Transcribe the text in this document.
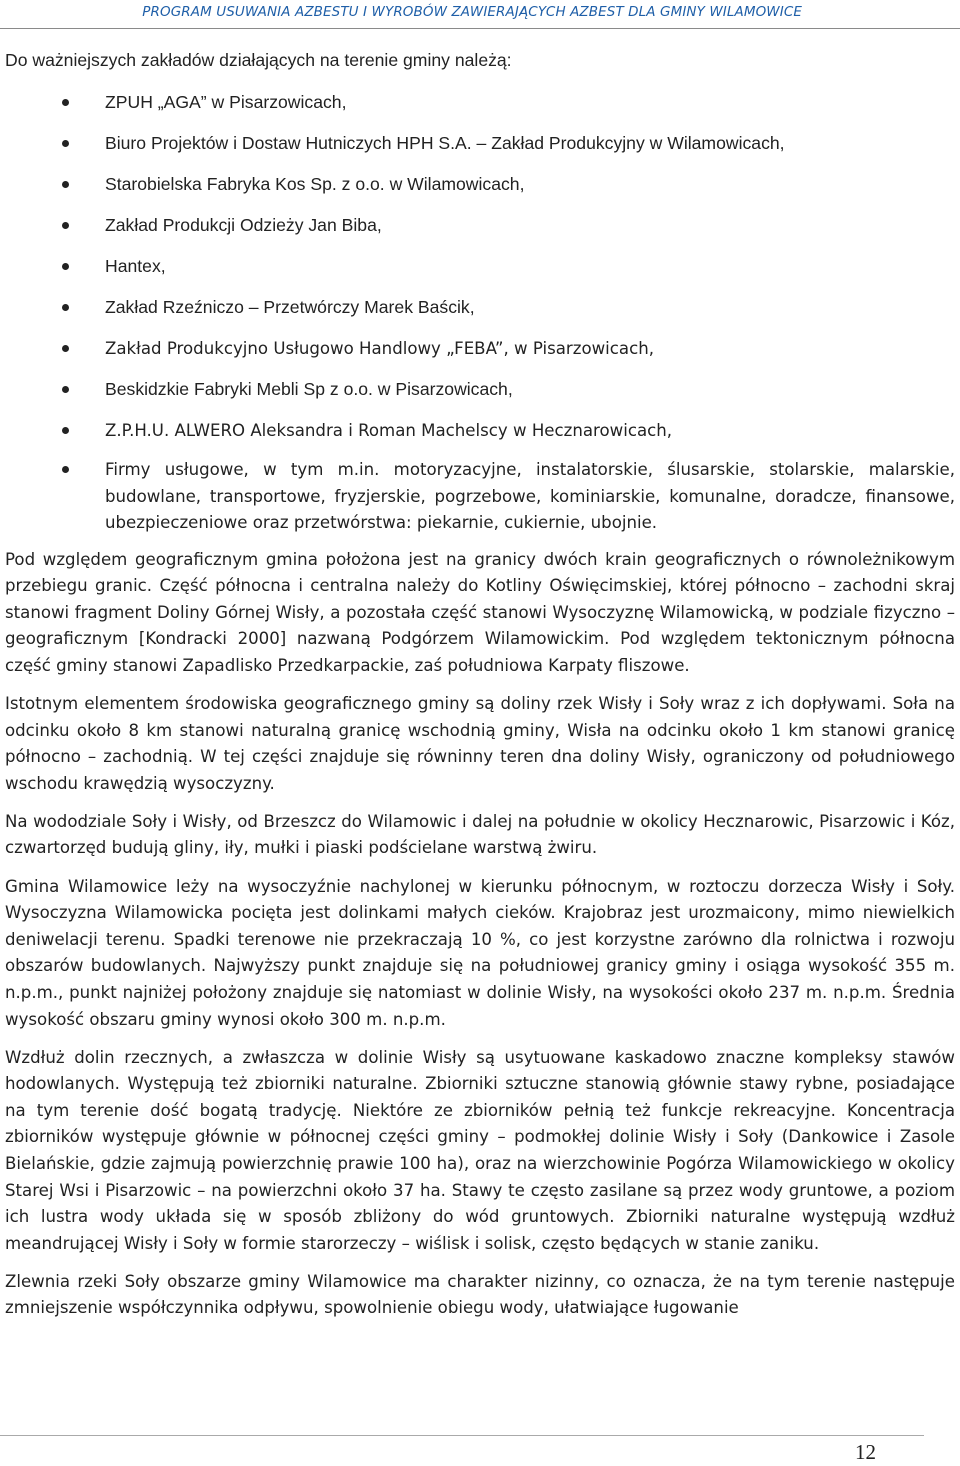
PROGRAM USUWANIA AZBESTU I WYROBÓW ZAWIERAJĄCYCH AZBEST DLA GMINY WILAMOWICE

Do ważniejszych zakładów działających na terenie gminy należą:

ZPUH „AGA” w Pisarzowicach,
Biuro Projektów i Dostaw Hutniczych HPH S.A. – Zakład Produkcyjny w Wilamowicach,
Starobielska Fabryka Kos Sp. z o.o. w Wilamowicach,
Zakład Produkcji Odzieży Jan Biba,
Hantex,
Zakład Rzeźniczo – Przetwórczy Marek Baścik,
Zakład Produkcyjno Usługowo Handlowy „FEBA”, w Pisarzowicach,
Beskidzkie Fabryki Mebli Sp z o.o. w Pisarzowicach,
Z.P.H.U. ALWERO Aleksandra i Roman Machelscy w Hecznarowicach,
Firmy usługowe, w tym m.in. motoryzacyjne, instalatorskie, ślusarskie, stolarskie, malarskie, budowlane, transportowe, fryzjerskie, pogrzebowe, kominiarskie, komunalne, doradcze, finansowe, ubezpieczeniowe oraz przetwórstwa: piekarnie, cukiernie, ubojnie.

Pod względem geograficznym gmina położona jest na granicy dwóch krain geograficznych o równoleżnikowym przebiegu granic. Część północna i centralna należy do Kotliny Oświęcimskiej, której północno – zachodni skraj stanowi fragment Doliny Górnej Wisły, a pozostała część stanowi Wysoczyznę Wilamowicką, w podziale fizyczno – geograficznym [Kondracki 2000] nazwaną Podgórzem Wilamowickim. Pod względem tektonicznym północna część gminy stanowi Zapadlisko Przedkarpackie, zaś południowa Karpaty fliszowe.

Istotnym elementem środowiska geograficznego gminy są doliny rzek Wisły i Soły wraz z ich dopływami. Soła na odcinku około 8 km stanowi naturalną granicę wschodnią gminy, Wisła na odcinku około 1 km stanowi granicę północno – zachodnią. W tej części znajduje się równinny teren dna doliny Wisły, ograniczony od południowego wschodu krawędzią wysoczyzny.

Na wododziale Soły i Wisły, od Brzeszcz do Wilamowic i dalej na południe w okolicy Hecznarowic, Pisarzowic i Kóz, czwartorzęd budują gliny, iły, mułki i piaski podścielane warstwą żwiru.

Gmina Wilamowice leży na wysoczyźnie nachylonej w kierunku północnym, w roztoczu dorzecza Wisły i Soły. Wysoczyzna Wilamowicka pocięta jest dolinkami małych cieków. Krajobraz jest urozmaicony, mimo niewielkich deniwelacji terenu. Spadki terenowe nie przekraczają 10 %, co jest korzystne zarówno dla rolnictwa i rozwoju obszarów budowlanych. Najwyższy punkt znajduje się na południowej granicy gminy i osiąga wysokość 355 m. n.p.m., punkt najniżej położony znajduje się natomiast w dolinie Wisły, na wysokości około 237 m. n.p.m. Średnia wysokość obszaru gminy wynosi około 300 m. n.p.m.

Wzdłuż dolin rzecznych, a zwłaszcza w dolinie Wisły są usytuowane kaskadowo znaczne kompleksy stawów hodowlanych. Występują też zbiorniki naturalne. Zbiorniki sztuczne stanowią głównie stawy rybne, posiadające na tym terenie dość bogatą tradycję. Niektóre ze zbiorników pełnią też funkcje rekreacyjne. Koncentracja zbiorników występuje głównie w północnej części gminy – podmokłej dolinie Wisły i Soły (Dankowice i Zasole Bielańskie, gdzie zajmują powierzchnię prawie 100 ha), oraz na wierzchowinie Pogórza Wilamowickiego w okolicy Starej Wsi i Pisarzowic – na powierzchni około 37 ha. Stawy te często zasilane są przez wody gruntowe, a poziom ich lustra wody układa się w sposób zbliżony do wód gruntowych. Zbiorniki naturalne występują wzdłuż meandrującej Wisły i Soły w formie starorzeczy – wiślisk i solisk, często będących w stanie zaniku.

Zlewnia rzeki Soły obszarze gminy Wilamowice ma charakter nizinny, co oznacza, że na tym terenie następuje zmniejszenie współczynnika odpływu, spowolnienie obiegu wody, ułatwiające ługowanie

12
